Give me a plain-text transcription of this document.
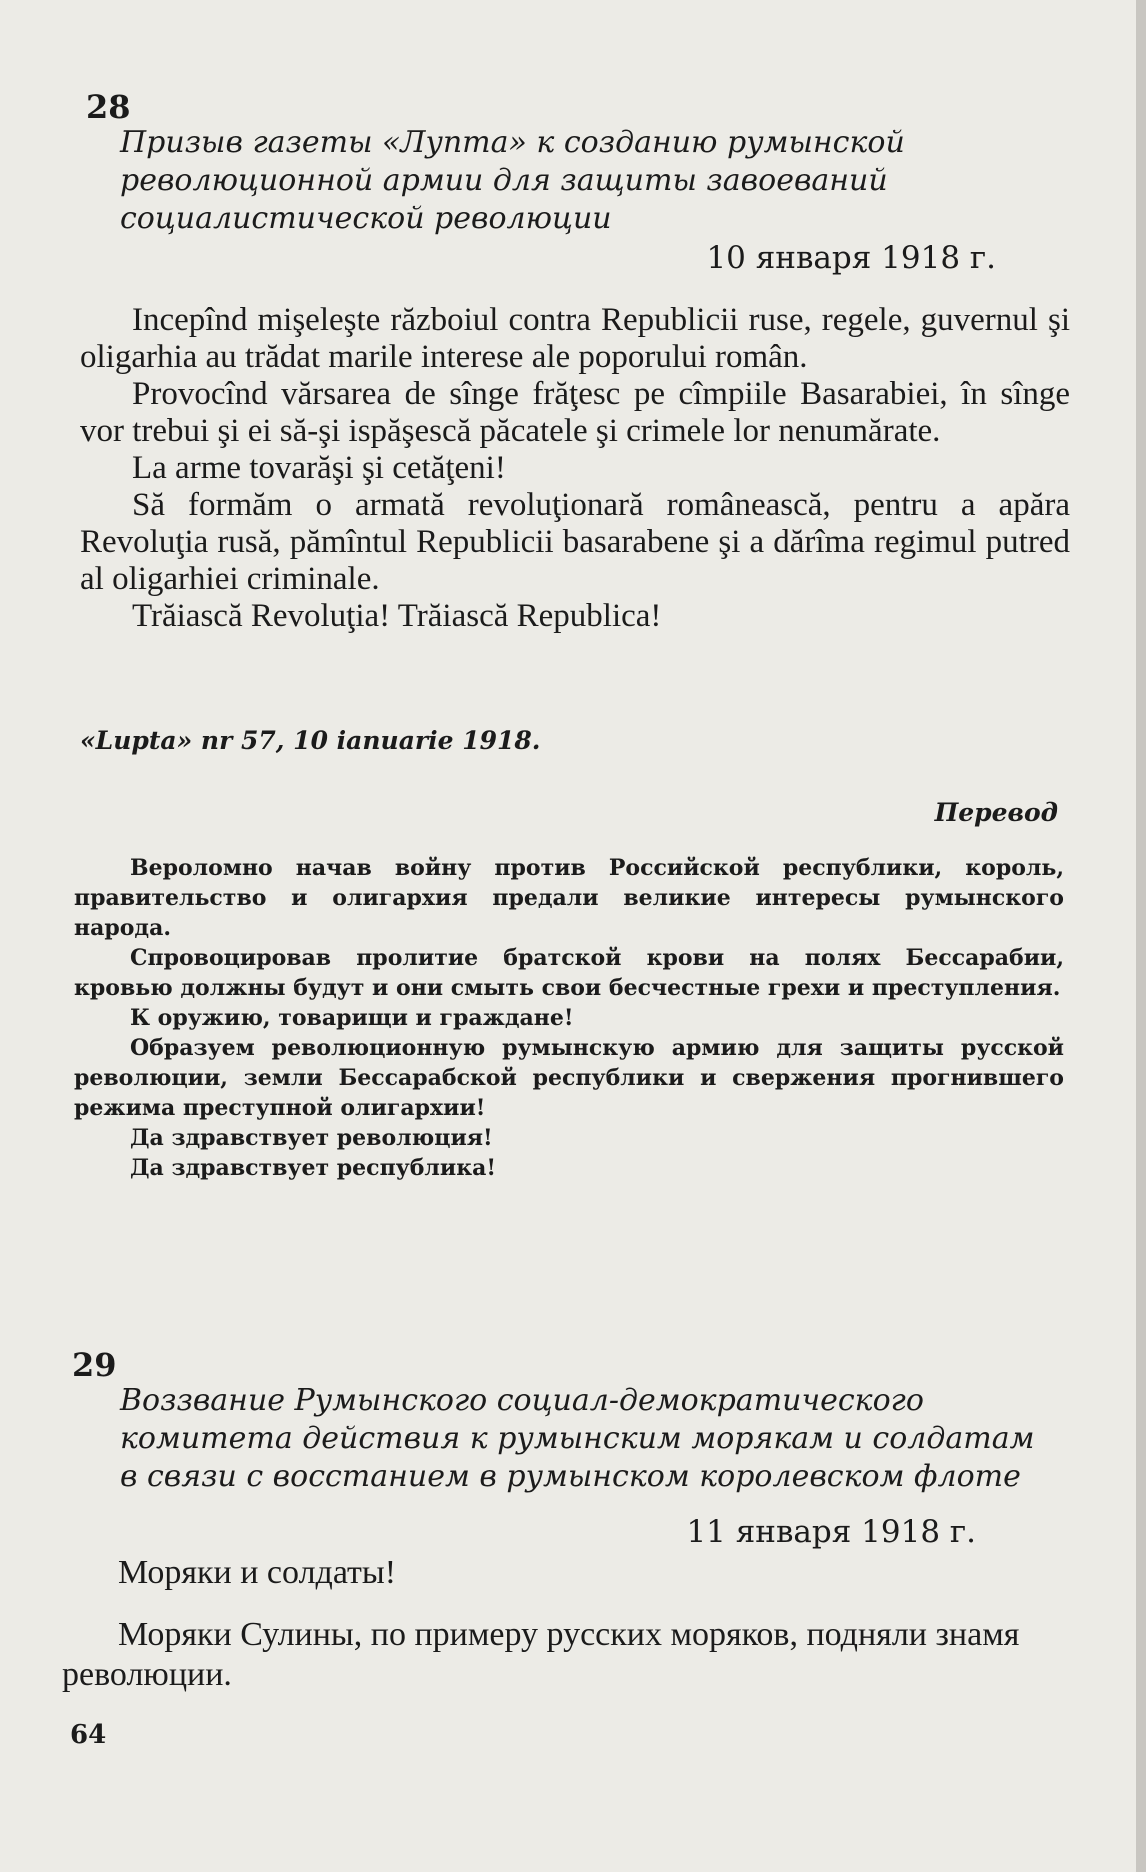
28
Призыв газеты «Лупта» к созданию румынской революционной армии для защиты завоеваний социалистической революции
10 января 1918 г.

Incepînd mişeleşte războiul contra Republicii ruse, regele, guvernul şi oligarhia au trădat marile interese ale poporului român.

Provocînd vărsarea de sînge frăţesc pe cîmpiile Basarabiei, în sînge vor trebui şi ei să-şi ispăşescă păcatele şi crimele lor nenumărate.

La arme tovarăşi şi cetăţeni!

Să formăm o armată revoluţionară românească, pentru a apăra Revoluţia rusă, pămîntul Republicii basarabene şi a dărîma regimul putred al oligarhiei criminale.

Trăiască Revoluţia! Trăiască Republica!

«Lupta» nr 57, 10 ianuarie 1918.
Перевод

Вероломно начав войну против Российской республики, король, правительство и олигархия предали великие интересы румынского народа.

Спровоцировав пролитие братской крови на полях Бессарабии, кровью должны будут и они смыть свои бесчестные грехи и преступления.

К оружию, товарищи и граждане!

Образуем революционную румынскую армию для защиты русской революции, земли Бессарабской республики и свержения прогнившего режима преступной олигархии!

Да здравствует революция!

Да здравствует республика!

29
Воззвание Румынского социал-демократического комитета действия к румынским морякам и солдатам в связи с восстанием в румынском королевском флоте
11 января 1918 г.

Моряки и солдаты!

Моряки Сулины, по примеру русских моряков, подняли знамя революции.

64
